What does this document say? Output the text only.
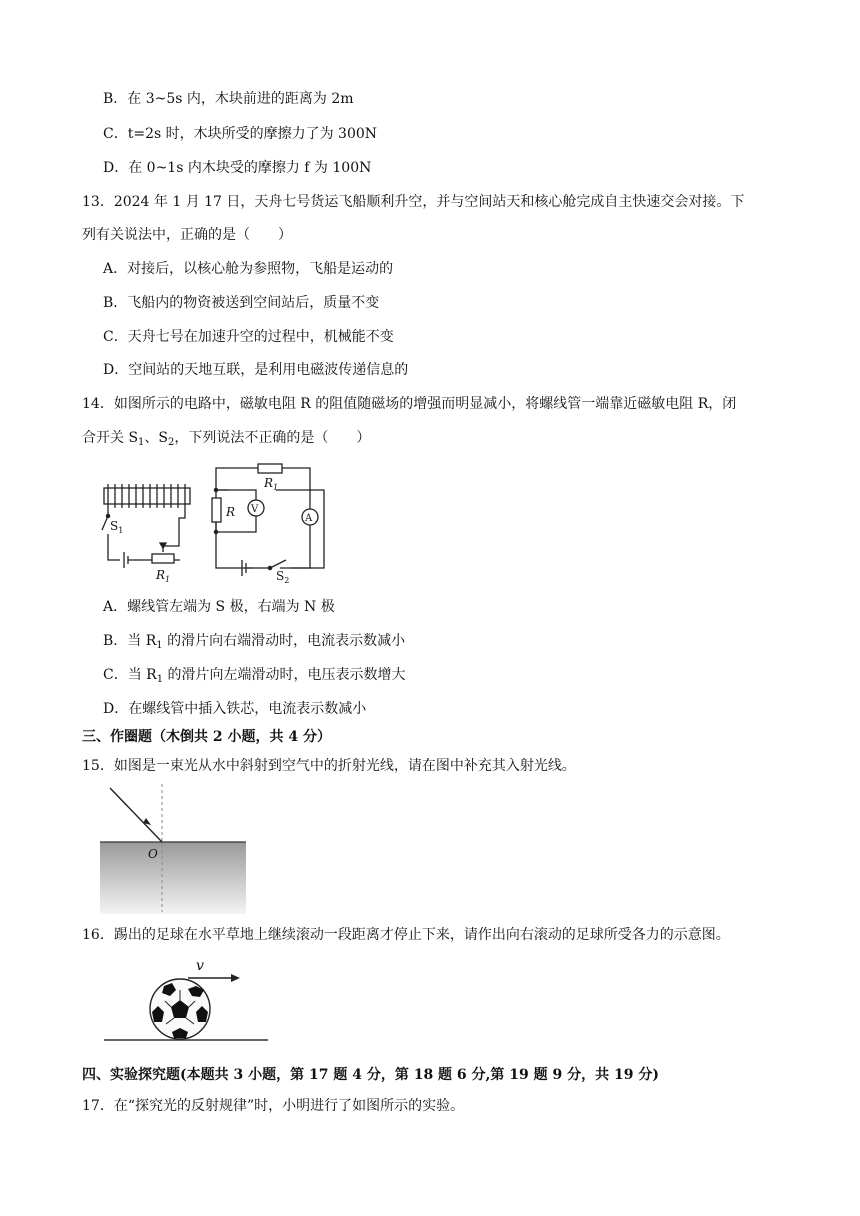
B．在 3~5s 内，木块前进的距离为 2m
C．t=2s 时，木块所受的摩擦力了为 300N
D．在 0~1s 内木块受的摩擦力 f 为 100N
13．2024 年 1 月 17 日，天舟七号货运飞船顺利升空，并与空间站天和核心舱完成自主快速交会对接。下
列有关说法中，正确的是（　　）
A．对接后，以核心舱为参照物，飞船是运动的
B．飞船内的物资被送到空间站后，质量不变
C．天舟七号在加速升空的过程中，机械能不变
D．空间站的天地互联，是利用电磁波传递信息的
14．如图所示的电路中，磁敏电阻 R 的阻值随磁场的增强而明显减小，将螺线管一端靠近磁敏电阻 R，闭
合开关 $S_1$、$S_2$，下列说法不正确的是（　　）
$S_1$
$R_1$
R V
$R_1$
A
$S_2$
A．螺线管左端为 S 极，右端为 N 极
B．当 $R_1$ 的滑片向右端滑动时，电流表示数减小
C．当 $R_1$ 的滑片向左端滑动时，电压表示数增大
D．在螺线管中插入铁芯，电流表示数减小
三、作圈题（木倒共 2 小题，共 4 分）
15．如图是一束光从水中斜射到空气中的折射光线，请在图中补充其入射光线。
O
16．踢出的足球在水平草地上继续滚动一段距离才停止下来，请作出向右滚动的足球所受各力的示意图。
v
四、实验探究题(本题共 3 小题，第 17 题 4 分，第 18 题 6 分,第 19 题 9 分，共 19 分)
17．在“探究光的反射规律”时，小明进行了如图所示的实验。
